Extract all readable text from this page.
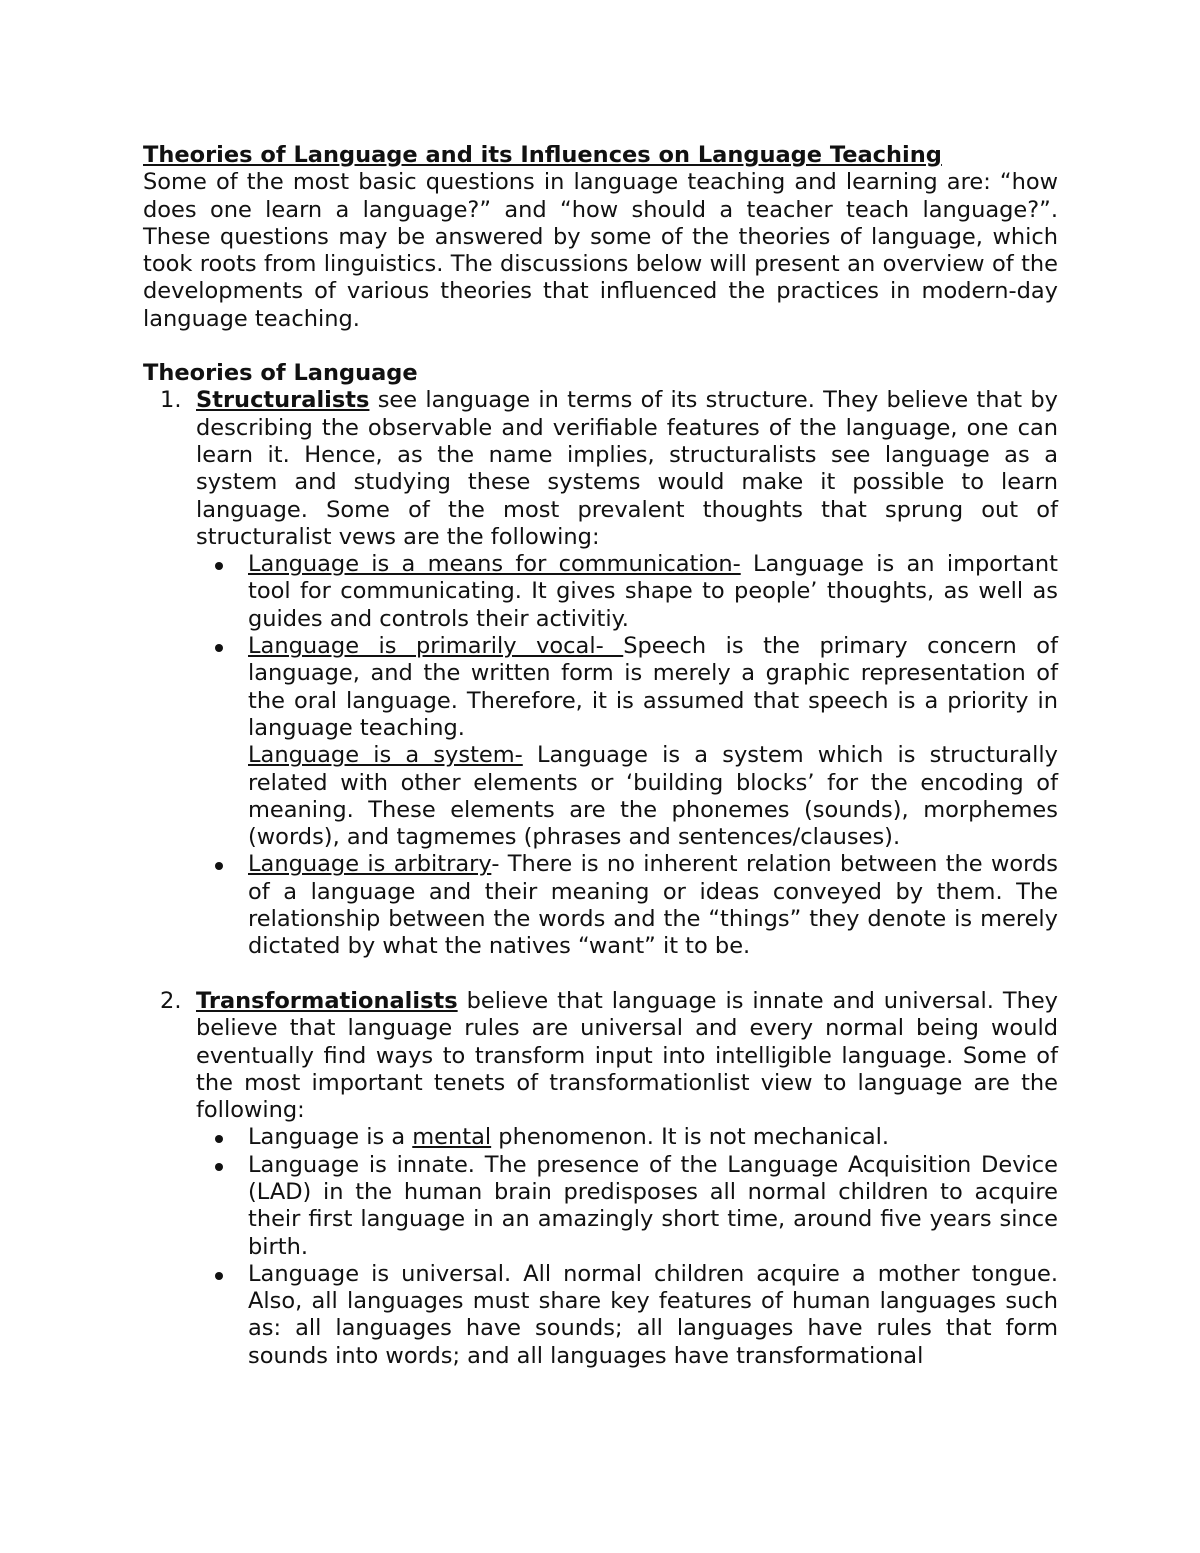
Theories of Language and its Influences on Language Teaching

Some of the most basic questions in language teaching and learning are: “how does one learn a language?” and “how should a teacher teach language?”. These questions may be answered by some of the theories of language, which took roots from linguistics. The discussions below will present an overview of the developments of various theories that influenced the practices in modern-day language teaching.

Theories of Language

1. Structuralists see language in terms of its structure. They believe that by describing the observable and verifiable features of the language, one can learn it. Hence, as the name implies, structuralists see language as a system and studying these systems would make it possible to learn language. Some of the most prevalent thoughts that sprung out of structuralist vews are the following:

Language is a means for communication- Language is an important tool for communicating. It gives shape to people’ thoughts, as well as guides and controls their activitiy.

Language is primarily vocal- Speech is the primary concern of language, and the written form is merely a graphic representation of the oral language. Therefore, it is assumed that speech is a priority in language teaching.

Language is a system- Language is a system which is structurally related with other elements or ‘building blocks’ for the encoding of meaning. These elements are the phonemes (sounds), morphemes (words), and tagmemes (phrases and sentences/clauses).

Language is arbitrary- There is no inherent relation between the words of a language and their meaning or ideas conveyed by them. The relationship between the words and the “things” they denote is merely dictated by what the natives “want” it to be.

2. Transformationalists believe that language is innate and universal. They believe that language rules are universal and every normal being would eventually find ways to transform input into intelligible language. Some of the most important tenets of transformationlist view to language are the following:

Language is a mental phenomenon. It is not mechanical.

Language is innate. The presence of the Language Acquisition Device (LAD) in the human brain predisposes all normal children to acquire their first language in an amazingly short time, around five years since birth.

Language is universal. All normal children acquire a mother tongue. Also, all languages must share key features of human languages such as: all languages have sounds; all languages have rules that form sounds into words; and all languages have transformational
